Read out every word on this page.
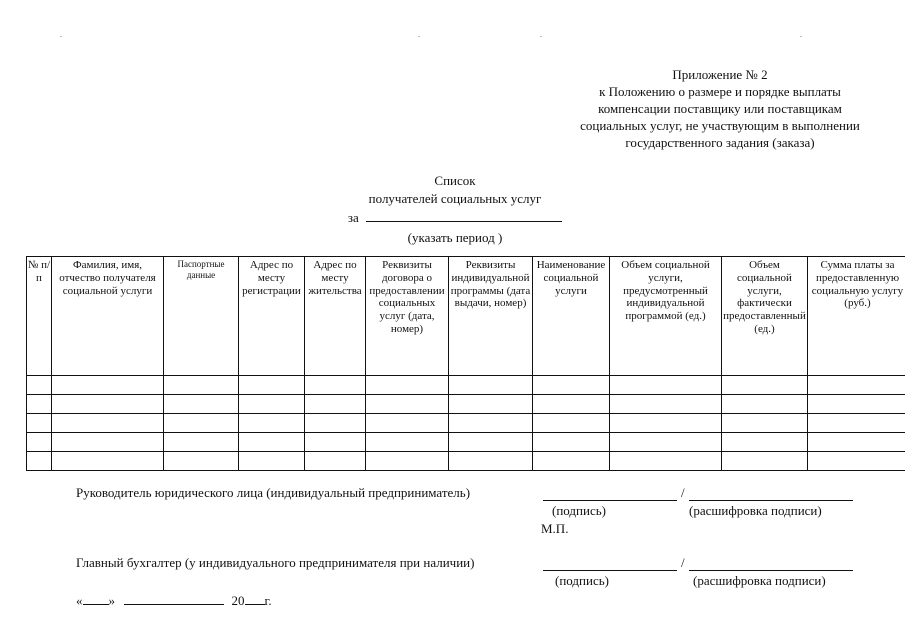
Приложение № 2
к Положению о размере и порядке выплаты
компенсации поставщику или поставщикам
социальных услуг, не участвующим в выполнении
государственного задания (заказа)
Список
получателей социальных услуг
за
(указать период )
№ п/п	Фамилия, имя, отчество получателя социальной услуги	Паспортные данные	Адрес по месту регистрации	Адрес по месту жительства	Реквизиты договора о предоставлении социальных услуг (дата, номер)	Реквизиты индивидуальной программы (дата выдачи, номер)	Наименование социальной услуги	Объем социальной услуги, предусмотренный индивидуальной программой (ед.)	Объем социальной услуги, фактически предоставленный (ед.)	Сумма платы за предоставленную социальную услугу (руб.)

Руководитель юридического лица (индивидуальный предприниматель)	/
(подпись)	(расшифровка подписи)
М.П.
Главный бухгалтер (у индивидуального предпринимателя при наличии)	/
(подпись)	(расшифровка подписи)
« »	20 г.
